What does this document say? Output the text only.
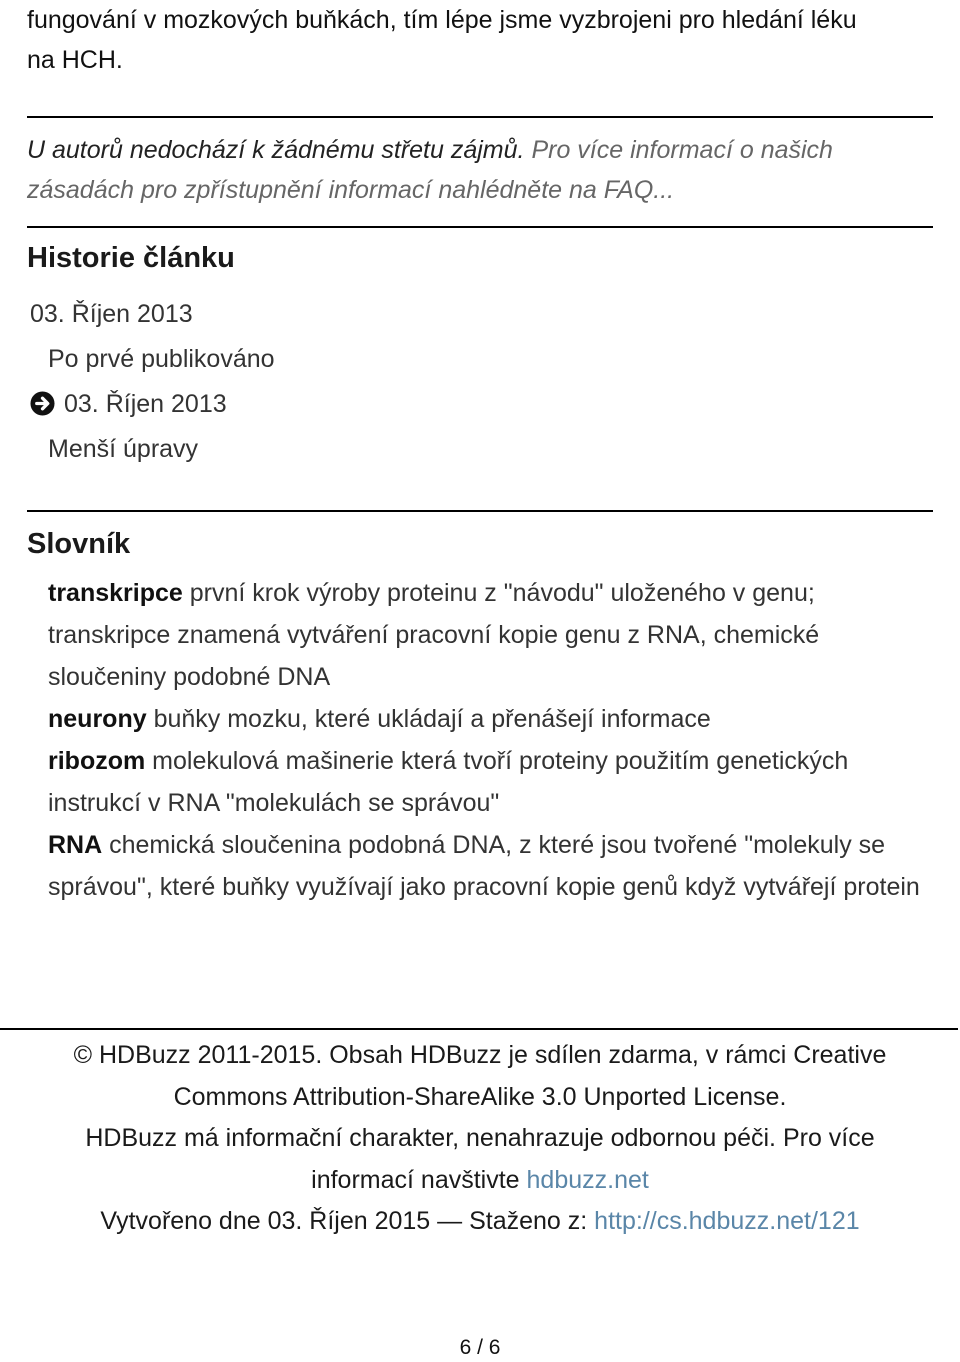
fungování v mozkových buňkách, tím lépe jsme vyzbrojeni pro hledání léku
na HCH.
U autorů nedochází k žádnému střetu zájmů. Pro více informací o našich
zásadách pro zpřístupnění informací nahlédněte na FAQ...
Historie článku
03. Říjen 2013
Po prvé publikováno
03. Říjen 2013
Menší úpravy
Slovník

transkripce první krok výroby proteinu z "návodu" uloženého v genu; transkripce znamená vytváření pracovní kopie genu z RNA, chemické sloučeniny podobné DNA

neurony buňky mozku, které ukládají a přenášejí informace

ribozom molekulová mašinerie která tvoří proteiny použitím genetických instrukcí v RNA "molekulách se správou"

RNA chemická sloučenina podobná DNA, z které jsou tvořené "molekuly se správou", které buňky využívají jako pracovní kopie genů když vytvářejí protein

© HDBuzz 2011-2015. Obsah HDBuzz je sdílen zdarma, v rámci Creative Commons Attribution-ShareAlike 3.0 Unported License.

HDBuzz má informační charakter, nenahrazuje odbornou péči. Pro více informací navštivte hdbuzz.net

Vytvořeno dne 03. Říjen 2015 — Staženo z: http://cs.hdbuzz.net/121

6 / 6
